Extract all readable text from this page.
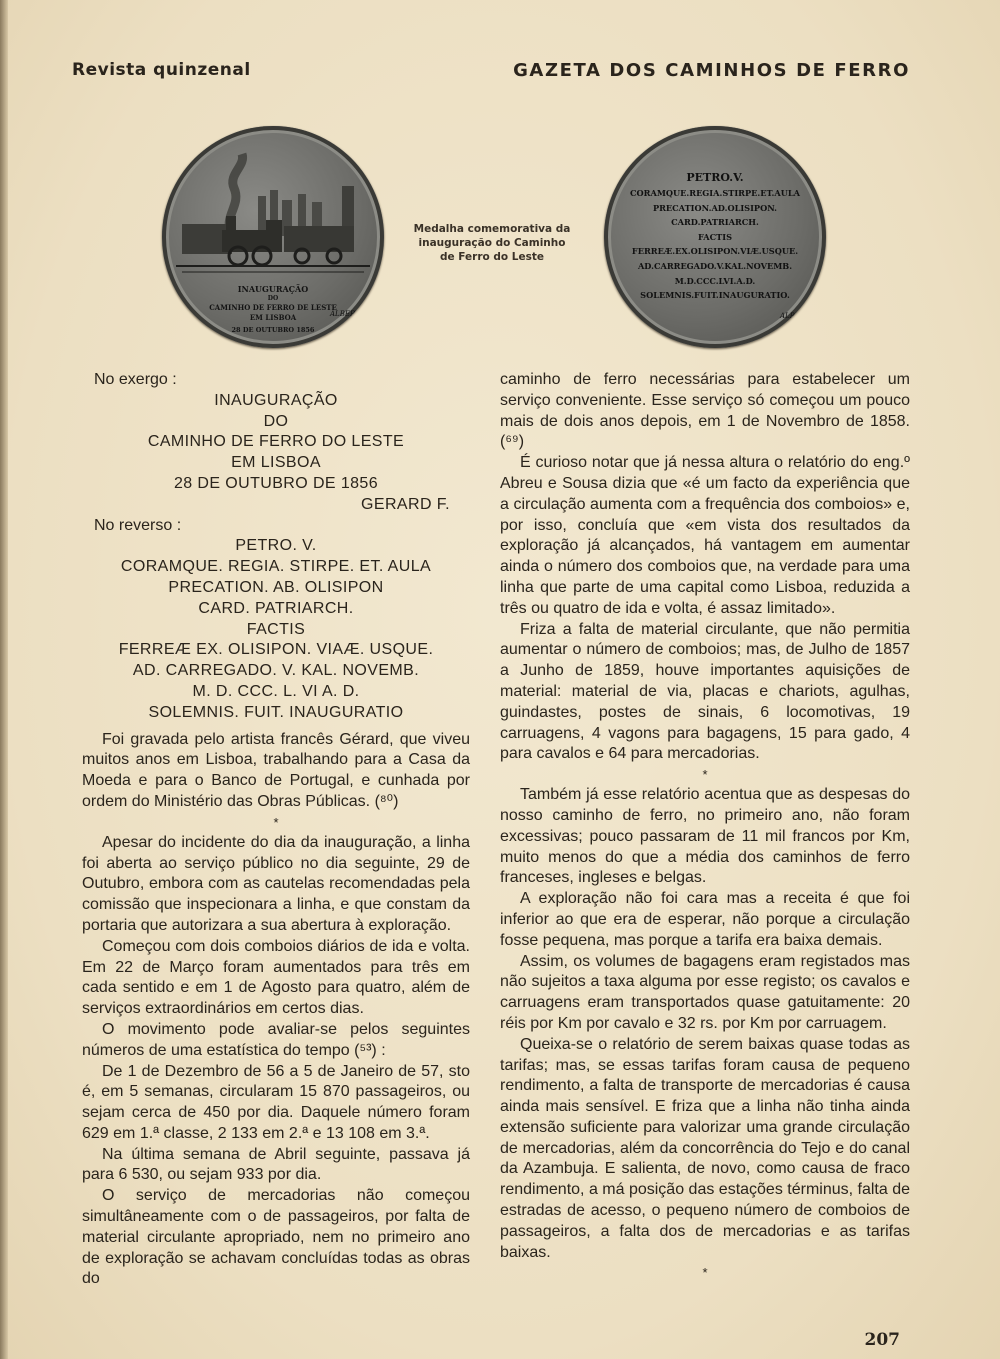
Revista quinzenal	GAZETA DOS CAMINHOS DE FERRO
INAUGURAÇÃO
DO
CAMINHO DE FERRO DE LESTE
EM LISBOA
28 DE OUTUBRO 1856
ALBERTA
Medalha comemorativa da
inauguração do Caminho
de Ferro do Leste
PETRO.V.
CORAMQUE.REGIA.STIRPE.ET.AULA
PRECATION.AD.OLISIPON.
CARD.PATRIARCH.
FACTIS
FERREÆ.EX.OLISIPON.VIÆ.USQUE.
AD.CARREGADO.V.KAL.NOVEMB.
M.D.CCC.LVI.A.D.
SOLEMNIS.FUIT.INAUGURATIO.
ALBERTA
No exergo :
INAUGURAÇÃO
DO
CAMINHO DE FERRO DO LESTE
EM LISBOA
28 DE OUTUBRO DE 1856
GERARD F.
No reverso :
PETRO. V.
CORAMQUE. REGIA. STIRPE. ET. AULA
PRECATION. AB. OLISIPON
CARD. PATRIARCH.
FACTIS
FERREÆ EX. OLISIPON. VIAÆ. USQUE.
AD. CARREGADO. V. KAL. NOVEMB.
M. D. CCC. L. VI A. D.
SOLEMNIS. FUIT. INAUGURATIO

Foi gravada pelo artista francês Gérard, que viveu muitos anos em Lisboa, trabalhando para a Casa da Moeda e para o Banco de Portugal, e cunhada por ordem do Ministério das Obras Públicas. (⁸⁰)

*

Apesar do incidente do dia da inauguração, a linha foi aberta ao serviço público no dia seguinte, 29 de Outubro, embora com as cautelas recomendadas pela comissão que inspecionara a linha, e que constam da portaria que autorizara a sua abertura à exploração.

Começou com dois comboios diários de ida e volta. Em 22 de Março foram aumentados para três em cada sentido e em 1 de Agosto para quatro, além de serviços extraordinários em certos dias.

O movimento pode avaliar-se pelos seguintes números de uma estatística do tempo (⁵³) :

De 1 de Dezembro de 56 a 5 de Janeiro de 57, sto é, em 5 semanas, circularam 15 870 passageiros, ou sejam cerca de 450 por dia. Daquele número foram 629 em 1.ª classe, 2 133 em 2.ª e 13 108 em 3.ª.

Na última semana de Abril seguinte, passava já para 6 530, ou sejam 933 por dia.

O serviço de mercadorias não começou simultâneamente com o de passageiros, por falta de material circulante apropriado, nem no primeiro ano de exploração se achavam concluídas todas as obras do

caminho de ferro necessárias para estabelecer um serviço conveniente. Esse serviço só começou um pouco mais de dois anos depois, em 1 de Novembro de 1858. (⁶⁹)

É curioso notar que já nessa altura o relatório do eng.º Abreu e Sousa dizia que «é um facto da experiência que a circulação aumenta com a frequência dos comboios» e, por isso, concluía que «em vista dos resultados da exploração já alcançados, há vantagem em aumentar ainda o número dos comboios que, na verdade para uma linha que parte de uma capital como Lisboa, reduzida a três ou quatro de ida e volta, é assaz limitado».

Friza a falta de material circulante, que não permitia aumentar o número de comboios; mas, de Julho de 1857 a Junho de 1859, houve importantes aquisições de material: material de via, placas e chariots, agulhas, guindastes, postes de sinais, 6 locomotivas, 19 carruagens, 4 vagons para bagagens, 15 para gado, 4 para cavalos e 64 para mercadorias.

*

Também já esse relatório acentua que as despesas do nosso caminho de ferro, no primeiro ano, não foram excessivas; pouco passaram de 11 mil francos por Km, muito menos do que a média dos caminhos de ferro franceses, ingleses e belgas.

A exploração não foi cara mas a receita é que foi inferior ao que era de esperar, não porque a circulação fosse pequena, mas porque a tarifa era baixa demais.

Assim, os volumes de bagagens eram registados mas não sujeitos a taxa alguma por esse registo; os cavalos e carruagens eram transportados quase gatuitamente: 20 réis por Km por cavalo e 32 rs. por Km por carruagem.

Queixa-se o relatório de serem baixas quase todas as tarifas; mas, se essas tarifas foram causa de pequeno rendimento, a falta de transporte de mercadorias é causa ainda mais sensível. E friza que a linha não tinha ainda extensão suficiente para valorizar uma grande circulação de mercadorias, além da concorrência do Tejo e do canal da Azambuja. E salienta, de novo, como causa de fraco rendimento, a má posição das estações términus, falta de estradas de acesso, o pequeno número de comboios de passageiros, a falta dos de mercadorias e as tarifas baixas.

*
207
